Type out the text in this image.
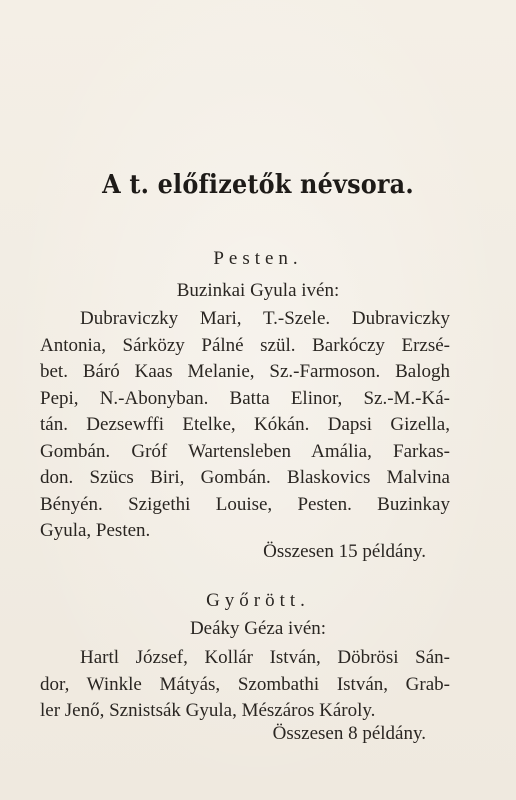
A t. előfizetők névsora.
Pesten.
Buzinkai Gyula ivén:
Dubraviczky Mari, T.-Szele. Dubraviczky
Antonia, Sárközy Pálné szül. Barkóczy Erzsé-
bet. Báró Kaas Melanie, Sz.-Farmoson. Balogh
Pepi, N.-Abonyban. Batta Elinor, Sz.-M.-Ká-
tán. Dezsewffi Etelke, Kókán. Dapsi Gizella,
Gombán. Gróf Wartensleben Amália, Farkas-
don. Szücs Biri, Gombán. Blaskovics Malvina
Bényén. Szigethi Louise, Pesten. Buzinkay
Gyula, Pesten.
Összesen 15 példány.
Győrött.
Deáky Géza ivén:
Hartl József, Kollár István, Döbrösi Sán-
dor, Winkle Mátyás, Szombathi István, Grab-
ler Jenő, Sznistsák Gyula, Mészáros Károly.
Összesen 8 példány.
